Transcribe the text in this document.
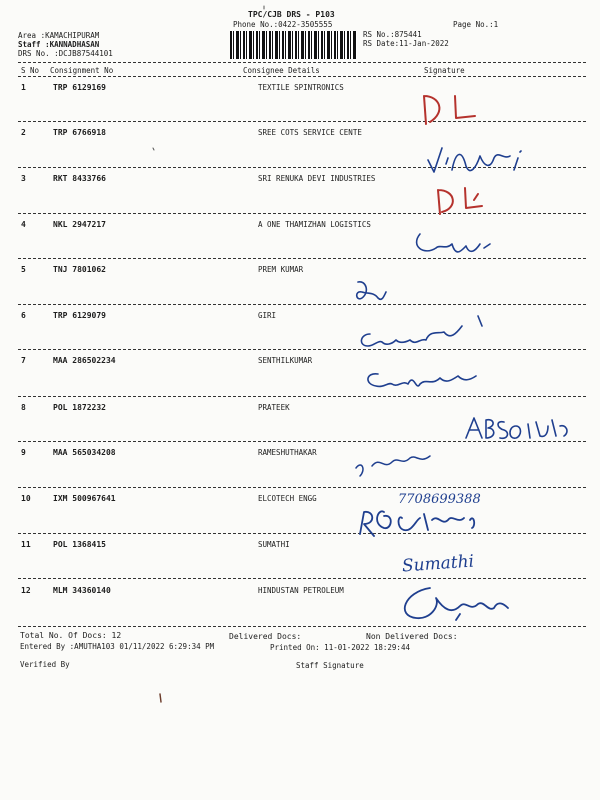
TPC/CJB DRS - P103
Phone No.:0422-3505555	Page No.:1
Area :KAMACHIPURAM
Staff :KANNADHASAN
DRS No. :DCJB87544101
RS No.:875441
RS Date:11-Jan-2022
S No Consignment No	Consignee Details	Signature
1	TRP 6129169	TEXTILE SPINTRONICS
2	TRP 6766918	SREE COTS SERVICE CENTE
3	RKT 8433766	SRI RENUKA DEVI INDUSTRIES
4	NKL 2947217	A ONE THAMIZHAN LOGISTICS
5	TNJ 7801062	PREM KUMAR
6	TRP 6129079	GIRI
7	MAA 286502234	SENTHILKUMAR
8	POL 1872232	PRATEEK
9	MAA 565034208	RAMESHUTHAKAR
10	IXM 500967641	ELCOTECH ENGG
11	POL 1368415	SUMATHI
12	MLM 34360140	HINDUSTAN PETROLEUM
Total No. Of Docs: 12	Delivered Docs:	Non Delivered Docs:
Entered By :AMUTHA103 01/11/2022 6:29:34 PM	Printed On: 11-01-2022 18:29:44
Verified By	Staff Signature
7708699388
Sumathi
